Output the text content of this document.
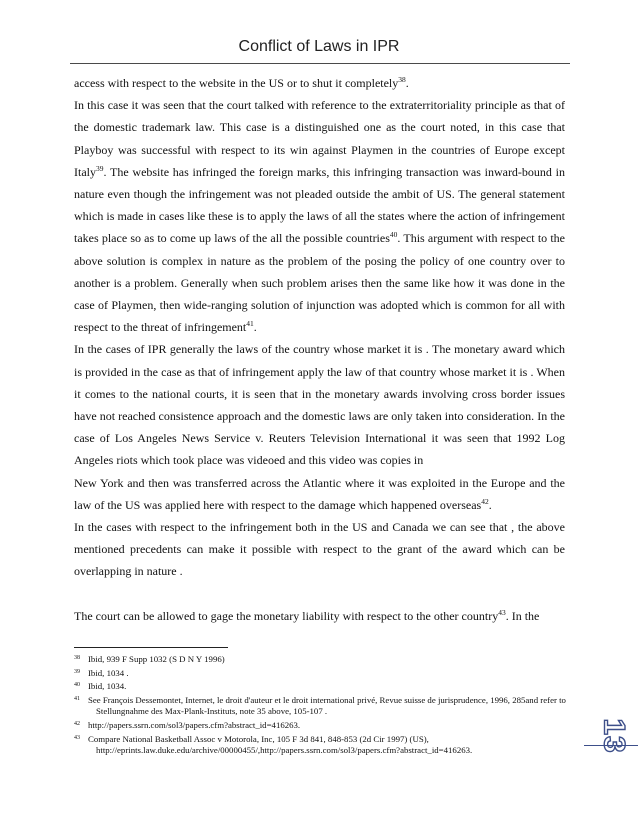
Conflict of Laws in IPR

access with respect to the website in the US or to shut it completely$^{38}$.

In this case it was seen that the court talked with reference to the extraterritoriality principle as that of the domestic trademark law. This case is a distinguished one as the court noted, in this case that Playboy was successful with respect to its win against Playmen in the countries of Europe except Italy$^{39}$. The website has infringed the foreign marks, this infringing transaction was inward-bound in nature even though the infringement was not pleaded outside the ambit of US. The general statement which is made in cases like these is to apply the laws of all the states where the action of infringement takes place so as to come up laws of the all the possible countries$^{40}$. This argument with respect to the above solution is complex in nature as the problem of the posing the policy of one country over to another is a problem. Generally when such problem arises then the same like how it was done in the case of Playmen, then wide-ranging solution of injunction was adopted which is common for all with respect to the threat of infringement$^{41}$.

In the cases of IPR generally the laws of the country whose market it is . The monetary award which is provided in the case as that of infringement apply the law of that country whose market it is . When it comes to the national courts, it is seen that in the monetary awards involving cross border issues have not reached consistence approach and the domestic laws are only taken into consideration. In the case of Los Angeles News Service v. Reuters Television International it was seen that 1992 Log Angeles riots which took place was videoed and this video was copies in

New York and then was transferred across the Atlantic where it was exploited in the Europe and the law of the US was applied here with respect to the damage which happened overseas$^{42}$.

In the cases with respect to the infringement both in the US and Canada we can see that , the above mentioned precedents can make it possible with respect to the grant of the award which can be overlapping in nature .

The court can be allowed to gage the monetary liability with respect to the other country$^{43}$. In the

$^{38}$ Ibid, 939 F Supp 1032 (S D N Y 1996)
$^{39}$ Ibid, 1034 .
$^{40}$ Ibid, 1034.
$^{41}$ See François Dessemontet, Internet, le droit d'auteur et le droit international privé, Revue suisse de jurisprudence, 1996, 285and refer to Stellungnahme des Max-Plank-Instituts, note 35 above, 105-107 .
$^{42}$ http://papers.ssrn.com/sol3/papers.cfm?abstract_id=416263.
$^{43}$ Compare National Basketball Assoc v Motorola, Inc, 105 F 3d 841, 848-853 (2d Cir 1997) (US), http://eprints.law.duke.edu/archive/00000455/,http://papers.ssrn.com/sol3/papers.cfm?abstract_id=416263.	13
